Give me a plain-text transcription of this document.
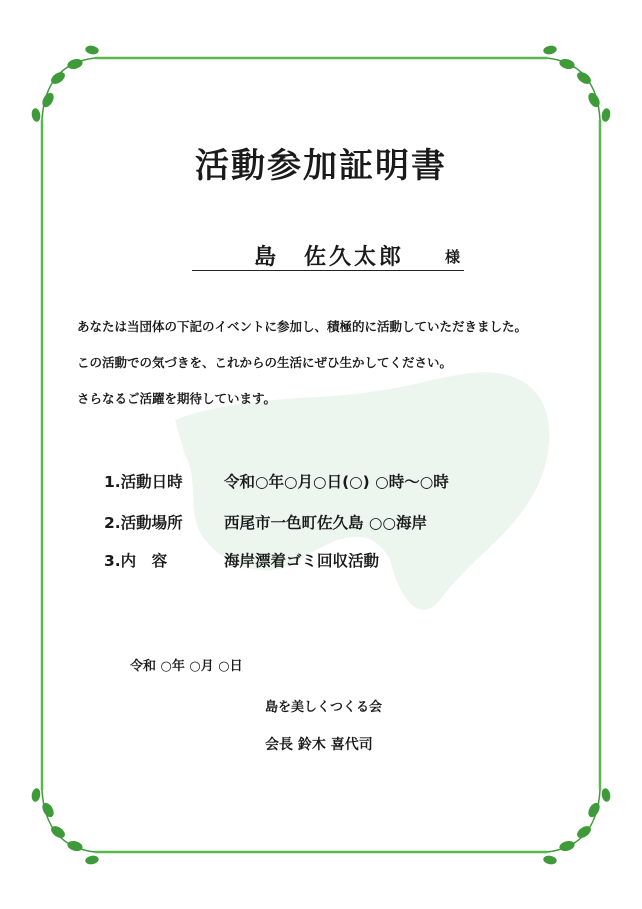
活動参加証明書
島　佐久太郎	様
あなたは当団体の下記のイベントに参加し、積極的に活動していただきました。
この活動での気づきを、これからの生活にぜひ生かしてください。
さらなるご活躍を期待しています。
1.活動日時	令和○年○月○日(○) ○時～○時
2.活動場所	西尾市一色町佐久島 ○○海岸
3.内　容	海岸漂着ゴミ回収活動
令和 ○年 ○月 ○日
島を美しくつくる会
会長 鈴木 喜代司
